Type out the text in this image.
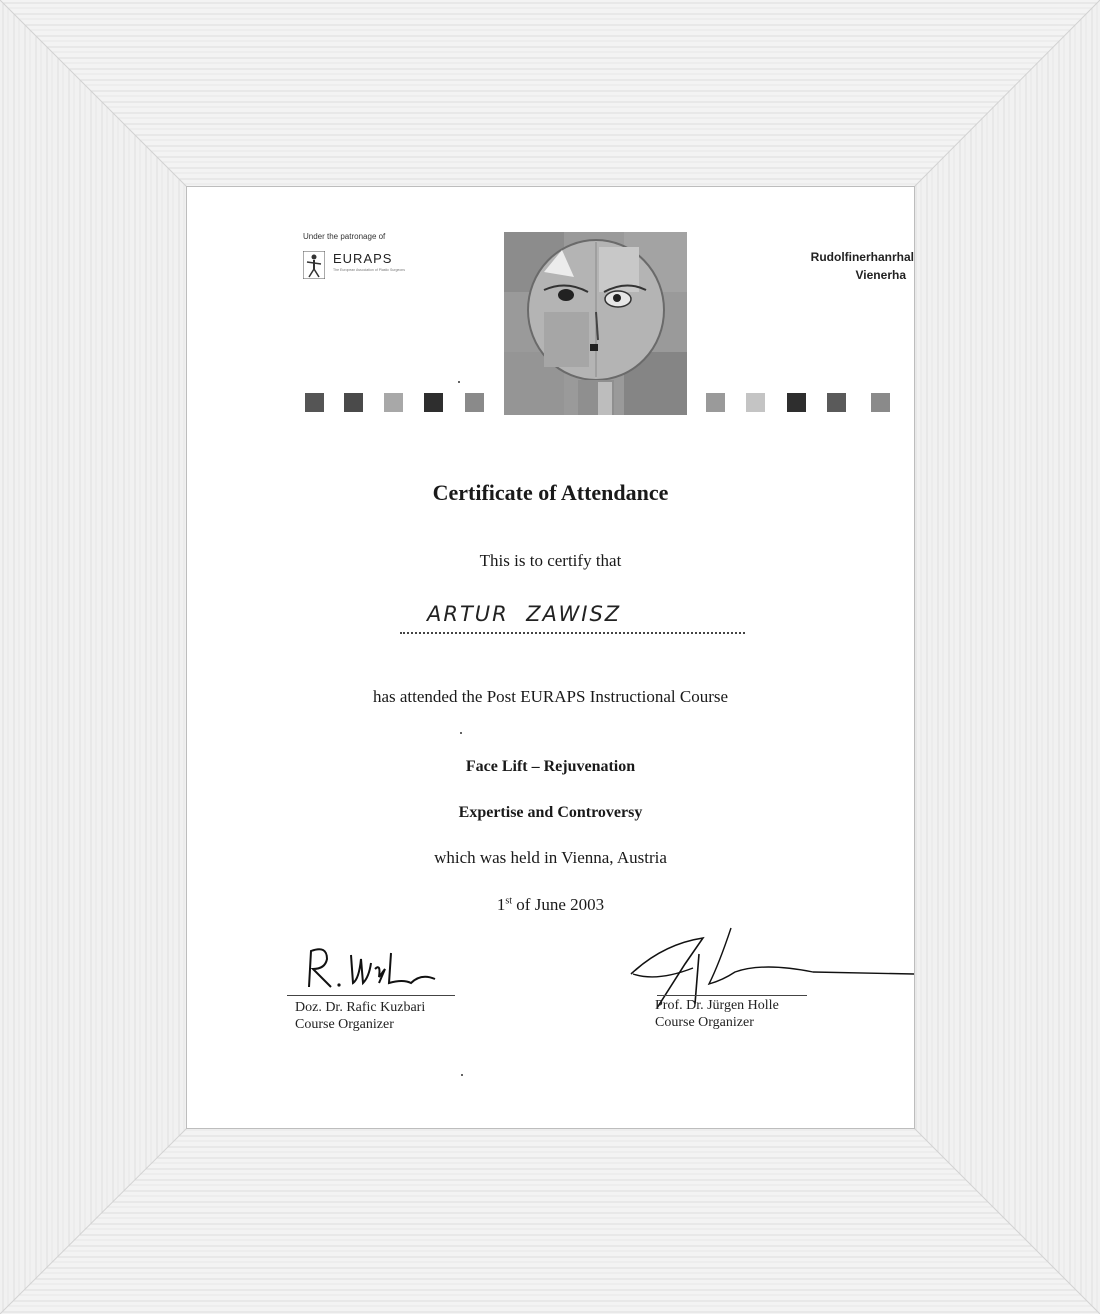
Under the patronage of
EURAPS
The European Association of Plastic Surgeons
Rudolfinerhanrhal
Vienerha
Certificate of Attendance
This is to certify that
ARTUR  ZAWISZ
has attended the Post EURAPS Instructional Course
Face Lift – Rejuvenation
Expertise and Controversy
which was held in Vienna, Austria
1st of June 2003
Doz. Dr. Rafic Kuzbari
Course Organizer
Prof. Dr. Jürgen Holle
Course Organizer
